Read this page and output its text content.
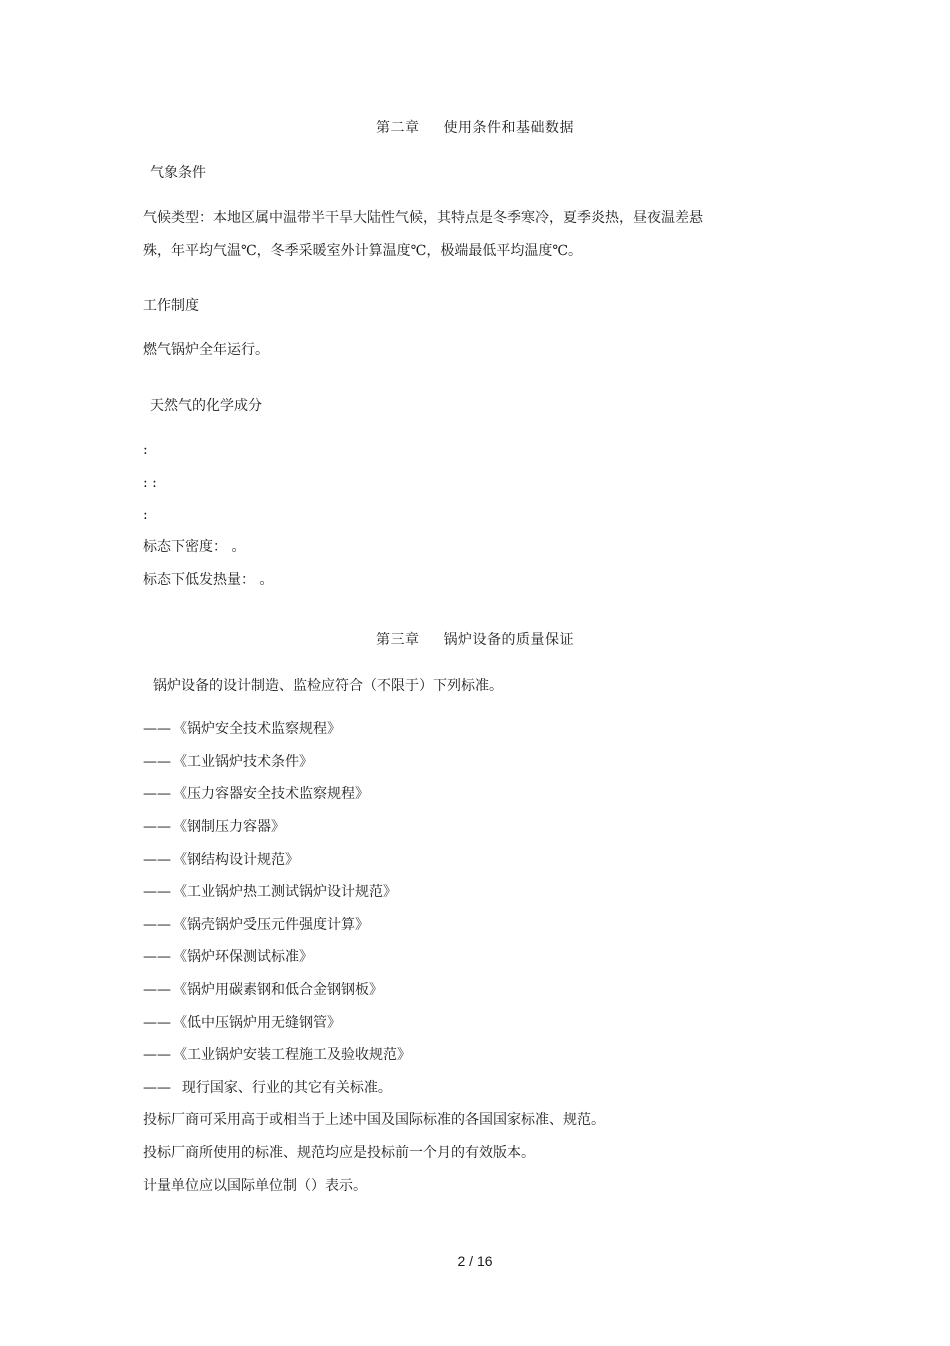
第二章 使用条件和基础数据
气象条件
气候类型：本地区属中温带半干旱大陆性气候，其特点是冬季寒冷，夏季炎热，昼夜温差悬
殊，年平均气温℃，冬季采暖室外计算温度℃，极端最低平均温度℃。
工作制度
燃气锅炉全年运行。
天然气的化学成分
:
: :
:
标态下密度： 。
标态下低发热量： 。
第三章 锅炉设备的质量保证
锅炉设备的设计制造、监检应符合（不限于）下列标准。
—— 《锅炉安全技术监察规程》
—— 《工业锅炉技术条件》
—— 《压力容器安全技术监察规程》
—— 《钢制压力容器》
—— 《钢结构设计规范》
—— 《工业锅炉热工测试锅炉设计规范》
—— 《锅壳锅炉受压元件强度计算》
—— 《锅炉环保测试标准》
—— 《锅炉用碳素钢和低合金钢钢板》
—— 《低中压锅炉用无缝钢管》
—— 《工业锅炉安装工程施工及验收规范》
——  现行国家、行业的其它有关标准。
投标厂商可采用高于或相当于上述中国及国际标准的各国国家标准、规范。
投标厂商所使用的标准、规范均应是投标前一个月的有效版本。
计量单位应以国际单位制（）表示。
2 / 16
